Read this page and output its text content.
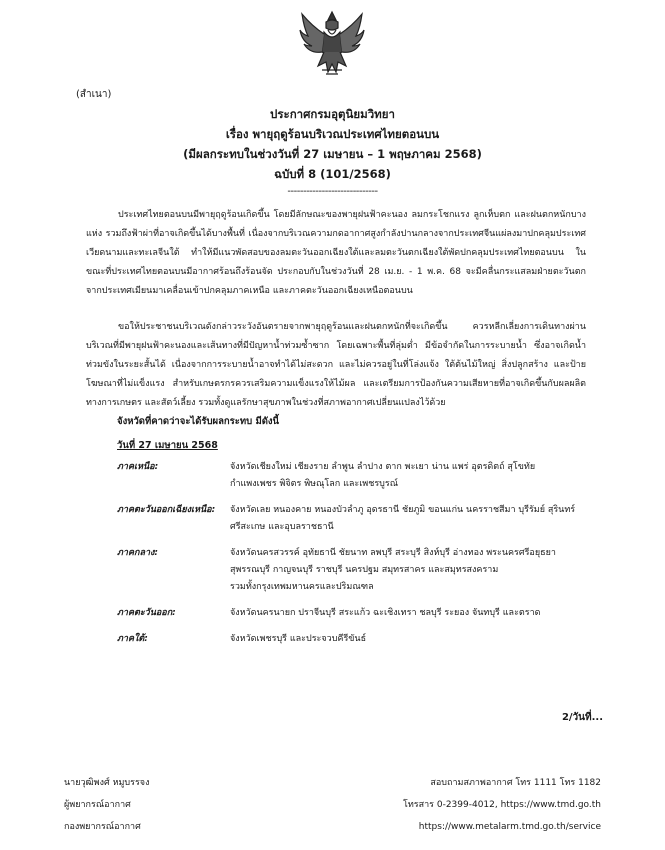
(สำเนา)
ประกาศกรมอุตุนิยมวิทยา
เรื่อง พายุฤดูร้อนบริเวณประเทศไทยตอนบน
(มีผลกระทบในช่วงวันที่ 27 เมษายน – 1 พฤษภาคม 2568)
ฉบับที่ 8 (101/2568)
-----------------------------
ประเทศไทยตอนบนมีพายุฤดูร้อนเกิดขึ้น โดยมีลักษณะของพายุฝนฟ้าคะนอง ลมกระโชกแรง ลูกเห็บตก และฝนตกหนักบางแห่ง รวมถึงฟ้าผ่าที่อาจเกิดขึ้นได้บางพื้นที่ เนื่องจากบริเวณความกดอากาศสูงกำลังปานกลางจากประเทศจีนแผ่ลงมาปกคลุมประเทศเวียดนามและทะเลจีนใต้ ทำให้มีแนวพัดสอบของลมตะวันออกเฉียงใต้และลมตะวันตกเฉียงใต้พัดปกคลุมประเทศไทยตอนบน ในขณะที่ประเทศไทยตอนบนมีอากาศร้อนถึงร้อนจัด ประกอบกับในช่วงวันที่ 28 เม.ย. - 1 พ.ค. 68 จะมีคลื่นกระแสลมฝ่ายตะวันตกจากประเทศเมียนมาเคลื่อนเข้าปกคลุมภาคเหนือ และภาคตะวันออกเฉียงเหนือตอนบน
ขอให้ประชาชนบริเวณดังกล่าวระวังอันตรายจากพายุฤดูร้อนและฝนตกหนักที่จะเกิดขึ้น ควรหลีกเลี่ยงการเดินทางผ่านบริเวณที่มีพายุฝนฟ้าคะนองและเส้นทางที่มีปัญหาน้ำท่วมซ้ำซาก โดยเฉพาะพื้นที่ลุ่มต่ำ มีข้อจำกัดในการระบายน้ำ ซึ่งอาจเกิดน้ำท่วมขังในระยะสั้นได้ เนื่องจากการระบายน้ำอาจทำได้ไม่สะดวก และไม่ควรอยู่ในที่โล่งแจ้ง ใต้ต้นไม้ใหญ่ สิ่งปลูกสร้าง และป้ายโฆษณาที่ไม่แข็งแรง สำหรับเกษตรกรควรเสริมความแข็งแรงให้ไม้ผล และเตรียมการป้องกันความเสียหายที่อาจเกิดขึ้นกับผลผลิตทางการเกษตร และสัตว์เลี้ยง รวมทั้งดูแลรักษาสุขภาพในช่วงที่สภาพอากาศเปลี่ยนแปลงไว้ด้วย
จังหวัดที่คาดว่าจะได้รับผลกระทบ มีดังนี้
วันที่ 27 เมษายน 2568
ภาคเหนือ:	จังหวัดเชียงใหม่ เชียงราย ลำพูน ลำปาง ตาก พะเยา น่าน แพร่ อุตรดิตถ์ สุโขทัย
กำแพงเพชร พิจิตร พิษณุโลก และเพชรบูรณ์
ภาคตะวันออกเฉียงเหนือ:	จังหวัดเลย หนองคาย หนองบัวลำภู อุดรธานี ชัยภูมิ ขอนแก่น นครราชสีมา บุรีรัมย์ สุรินทร์
ศรีสะเกษ และอุบลราชธานี
ภาคกลาง:	จังหวัดนครสวรรค์ อุทัยธานี ชัยนาท ลพบุรี สระบุรี สิงห์บุรี อ่างทอง พระนครศรีอยุธยา
สุพรรณบุรี กาญจนบุรี ราชบุรี นครปฐม สมุทรสาคร และสมุทรสงคราม
รวมทั้งกรุงเทพมหานครและปริมณฑล
ภาคตะวันออก:	จังหวัดนครนายก ปราจีนบุรี สระแก้ว ฉะเชิงเทรา ชลบุรี ระยอง จันทบุรี และตราด
ภาคใต้:	จังหวัดเพชรบุรี และประจวบคีรีขันธ์
2/วันที่...
นายวุฒิพงศ์ หมูบรรจง
ผู้พยากรณ์อากาศ
กองพยากรณ์อากาศ
สอบถามสภาพอากาศ โทร 1111 โทร 1182
โทรสาร 0-2399-4012, https://www.tmd.go.th
https://www.metalarm.tmd.go.th/service
